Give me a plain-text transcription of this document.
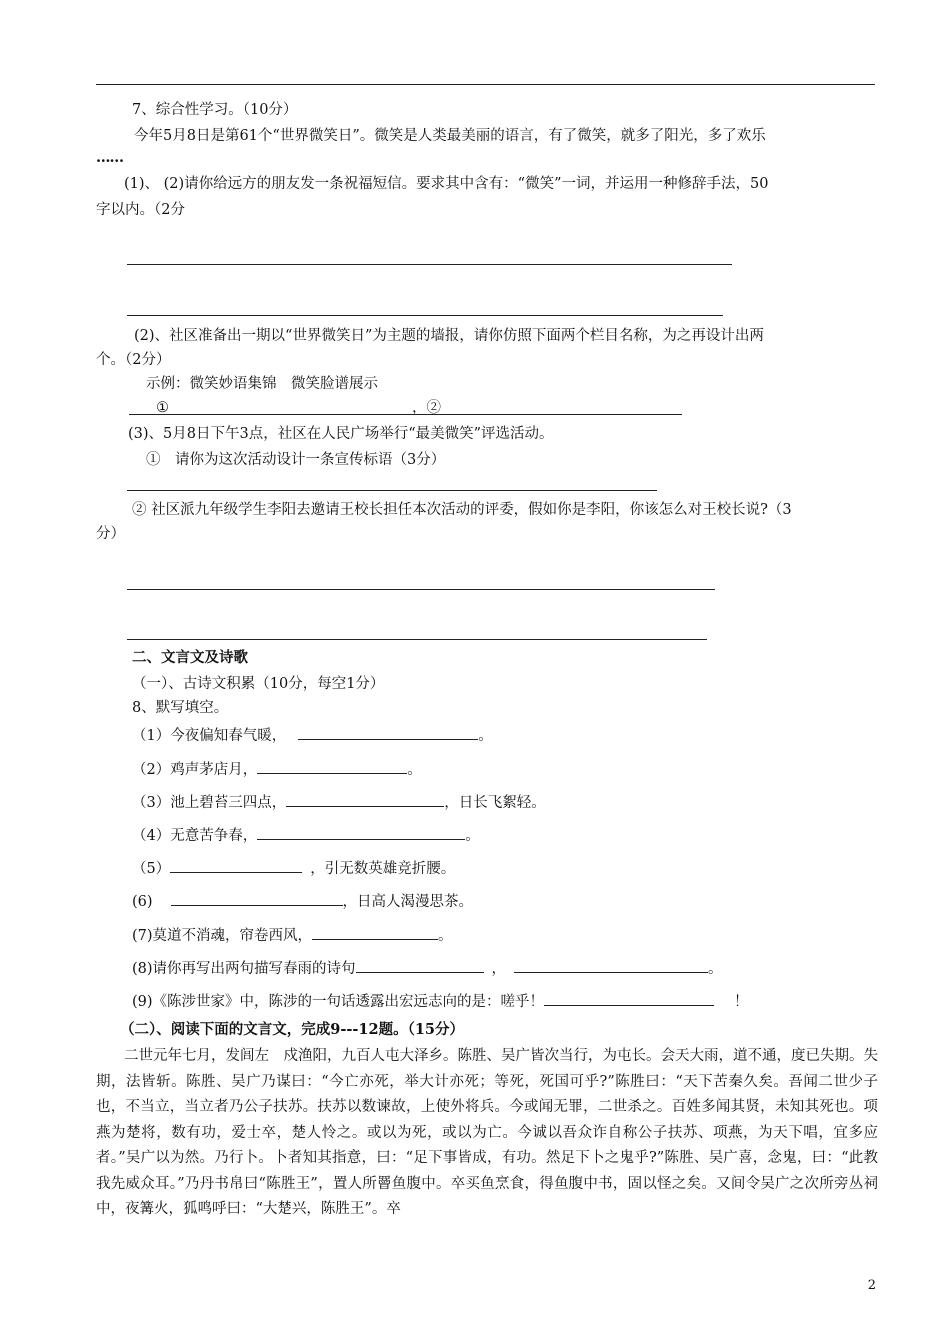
7、综合性学习。（10分）
今年5月8日是第61个“世界微笑日”。微笑是人类最美丽的语言，有了微笑，就多了阳光，多了欢乐
……
(1)、 (2)请你给远方的朋友发一条祝福短信。要求其中含有：“微笑”一词，并运用一种修辞手法，50
字以内。（2分
(2)、社区准备出一期以“世界微笑日”为主题的墙报，请你仿照下面两个栏目名称，为之再设计出两
个。（2分）
示例：微笑妙语集锦　微笑脸谱展示
①	，②
(3)、5月8日下午3点，社区在人民广场举行“最美微笑”评选活动。
①　请你为这次活动设计一条宣传标语（3分）
② 社区派九年级学生李阳去邀请王校长担任本次活动的评委，假如你是李阳，你该怎么对王校长说?（3
分）
二、文言文及诗歌
（一）、古诗文积累（10分，每空1分）
8、默写填空。
（1）今夜偏知春气暖，	。
（2）鸡声茅店月，	。
（3）池上碧苔三四点，	，日长飞絮轻。
（4）无意苦争春，	。
（5）	，引无数英雄竞折腰。
(6)	，日高人渴漫思茶。
(7)莫道不消魂，帘卷西风，	。
(8)请你再写出两句描写春雨的诗句	，	。
(9)《陈涉世家》中，陈涉的一句话透露出宏远志向的是：嗟乎！	！
（二）、阅读下面的文言文，完成9---12题。（15分）
二世元年七月，发闾左　戍渔阳，九百人屯大泽乡。陈胜、吴广皆次当行，为屯长。会天大雨，道不通，度已失期。失期，法皆斩。陈胜、吴广乃谋曰：“今亡亦死，举大计亦死；等死，死国可乎?”陈胜曰：“天下苦秦久矣。吾闻二世少子也，不当立，当立者乃公子扶苏。扶苏以数谏故，上使外将兵。今或闻无罪，二世杀之。百姓多闻其贤，未知其死也。项燕为楚将，数有功，爱士卒，楚人怜之。或以为死，或以为亡。今诚以吾众诈自称公子扶苏、项燕，为天下唱，宜多应者。”吴广以为然。乃行卜。卜者知其指意，曰：“足下事皆成，有功。然足下卜之鬼乎?”陈胜、吴广喜，念鬼，曰：“此教我先威众耳。”乃丹书帛曰“陈胜王”，置人所罾鱼腹中。卒买鱼烹食，得鱼腹中书，固以怪之矣。又间令吴广之次所旁丛祠中，夜篝火，狐鸣呼曰：“大楚兴，陈胜王”。卒
2
